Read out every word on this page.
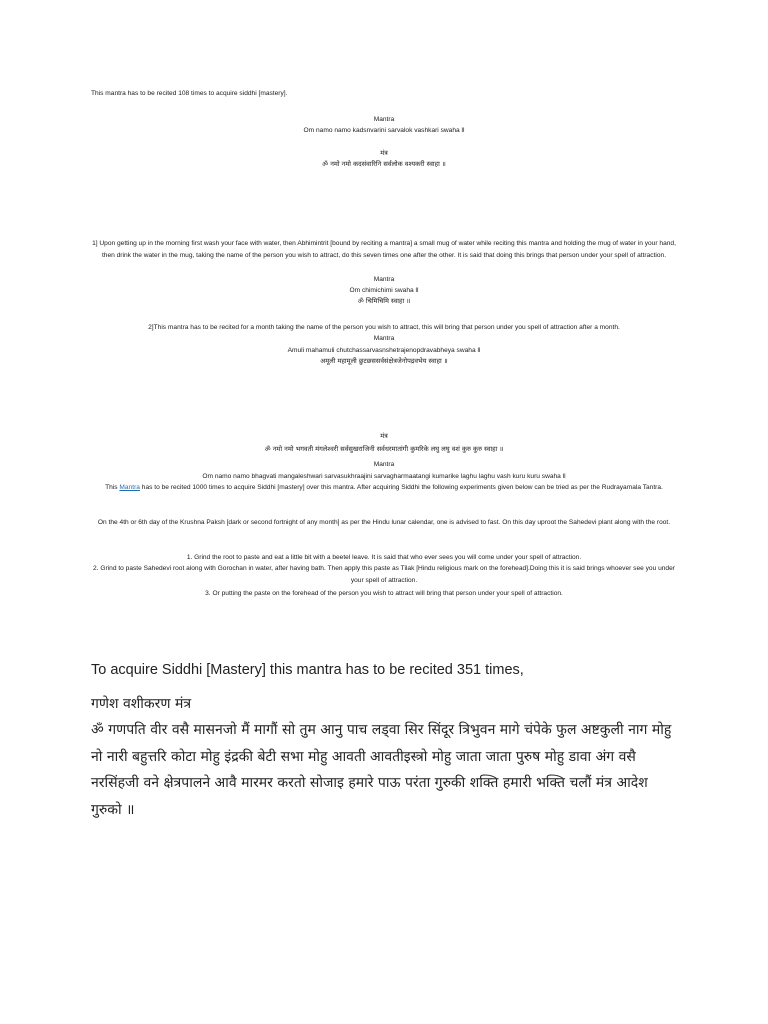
This mantra has to be recited 108 times to acquire siddhi [mastery].
Mantra
Om namo namo kadsnvarini sarvalok vashkari swaha ll
मंत्र
ॐ नमो नमो कदसंवारिनि सर्वलोक वश्यकरी स्वाहा ॥
1] Upon getting up in the morning first wash your face with water, then Abhimintrit [bound by reciting a mantra] a small mug of water while reciting this mantra and holding the mug of water in your hand, then drink the water in the mug, taking the name of the person you wish to attract, do this seven times one after the other. It is said that doing this brings that person under your spell of attraction.
Mantra
Om chimichimi swaha ll
ॐ चिमिचिमि स्वाहा ॥
2]This mantra has to be recited for a month taking the name of the person you wish to attract, this will bring that person under you spell of attraction after a month.
Mantra
Amuli mahamuli chutchassarvasnshetrajenopdravabheya swaha ll
अमूली महामूली छुटछससर्वसंक्षेत्रजेनोपद्रवभेय स्वाहा ॥
मंत्र
ॐ नमो नमो भगवती मंगलेश्वरी सर्वसुखराजिनी सर्वधरमातांगी कुमरिके लघु लघु वशं कुरु कुरु स्वाहा ॥
Mantra
Om namo namo bhagvati mangaleshwari sarvasukhraajini sarvagharmaatangi kumarike laghu laghu vash kuru kuru swaha ll
This Mantra has to be recited 1000 times to acquire Siddhi [mastery] over this mantra. After acquiring Siddhi the following experiments given below can be tried as per the Rudrayamala Tantra.
On the 4th or 6th day of the Krushna Paksh [dark or second fortnight of any month] as per the Hindu lunar calendar, one is advised to fast. On this day uproot the Sahedevi plant along with the root.
1. Grind the root to paste and eat a little bit with a beetel leave. It is said that who ever sees you will come under your spell of attraction.
2. Grind to paste Sahedevi root along with Gorochan in water, after having bath. Then apply this paste as Tilak [Hindu religious mark on the forehead].Doing this it is said brings whoever see you under your spell of attraction.
3. Or putting the paste on the forehead of the person you wish to attract will bring that person under your spell of attraction.
To acquire Siddhi [Mastery] this mantra has to be recited 351 times,
गणेश वशीकरण मंत्र
ॐ गणपति वीर वसै मासनजो मैं मागौं सो तुम आनु पाच लड्वा सिर सिंदूर त्रिभुवन मागे चंपेके फुल अष्टकुली नाग मोहु नो नारी बहुत्तरि कोटा मोहु इंद्रकी बेटी सभा मोहु आवती आवतीइस्त्रो मोहु जाता जाता पुरुष मोहु डावा अंग वसै नरसिंहजी वने क्षेत्रपालने आवै मारमर करतो सोजाइ हमारे पाऊ परंता गुरुकी शक्ति हमारी भक्ति चलौं मंत्र आदेश गुरुको ॥
